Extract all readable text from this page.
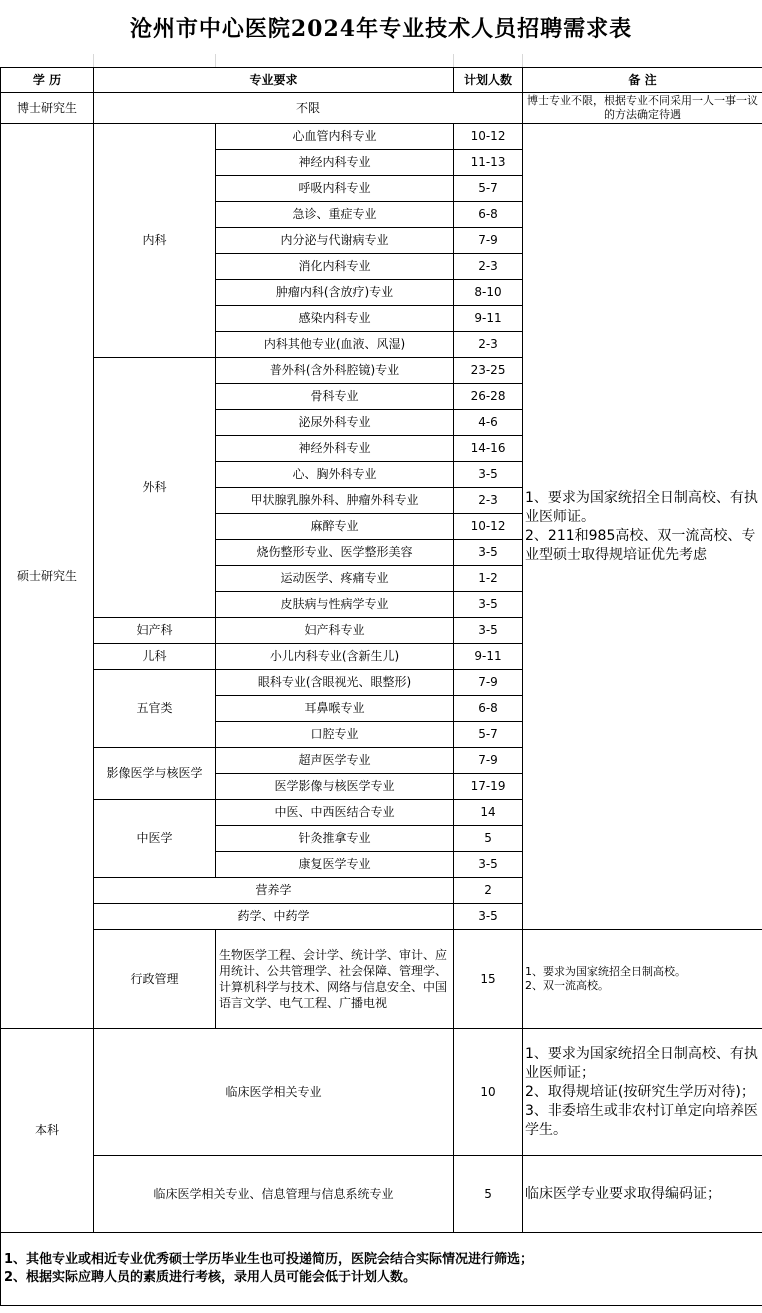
沧州市中心医院2024年专业技术人员招聘需求表
学 历	专业要求		计划人数	备 注
博士研究生	不限			博士专业不限，根据专业不同采用一人一事一议的方法确定待遇
硕士研究生	内科	心血管内科专业	10-12	1、要求为国家统招全日制高校、有执业医师证。
2、211和985高校、双一流高校、专业型硕士取得规培证优先考虑
		神经内科专业	11-13	
		呼吸内科专业	5-7	
		急诊、重症专业	6-8	
		内分泌与代谢病专业	7-9	
		消化内科专业	2-3	
		肿瘤内科(含放疗)专业	8-10	
		感染内科专业	9-11	
		内科其他专业(血液、风湿)	2-3	
	外科	普外科(含外科腔镜)专业	23-25	
		骨科专业	26-28	
		泌尿外科专业	4-6	
		神经外科专业	14-16	
		心、胸外科专业	3-5	
		甲状腺乳腺外科、肿瘤外科专业	2-3	
		麻醉专业	10-12	
		烧伤整形专业、医学整形美容	3-5	
		运动医学、疼痛专业	1-2	
		皮肤病与性病学专业	3-5	
	妇产科	妇产科专业	3-5	
	儿科	小儿内科专业(含新生儿)	9-11	
	五官类	眼科专业(含眼视光、眼整形)	7-9	
		耳鼻喉专业	6-8	
		口腔专业	5-7	
	影像医学与核医学	超声医学专业	7-9	
		医学影像与核医学专业	17-19	
	中医学	中医、中西医结合专业	14	
		针灸推拿专业	5	
		康复医学专业	3-5	
	营养学		2	
	药学、中药学		3-5	
	行政管理	生物医学工程、会计学、统计学、审计、应用统计、公共管理学、社会保障、管理学、计算机科学与技术、网络与信息安全、中国语言文学、电气工程、广播电视	15	1、要求为国家统招全日制高校。
2、双一流高校。
本科	临床医学相关专业		10	1、要求为国家统招全日制高校、有执业医师证；
2、取得规培证(按研究生学历对待)；
3、非委培生或非农村订单定向培养医学生。
	临床医学相关专业、信息管理与信息系统专业		5	临床医学专业要求取得编码证；

1、其他专业或相近专业优秀硕士学历毕业生也可投递简历，医院会结合实际情况进行筛选；
2、根据实际应聘人员的素质进行考核，录用人员可能会低于计划人数。				
